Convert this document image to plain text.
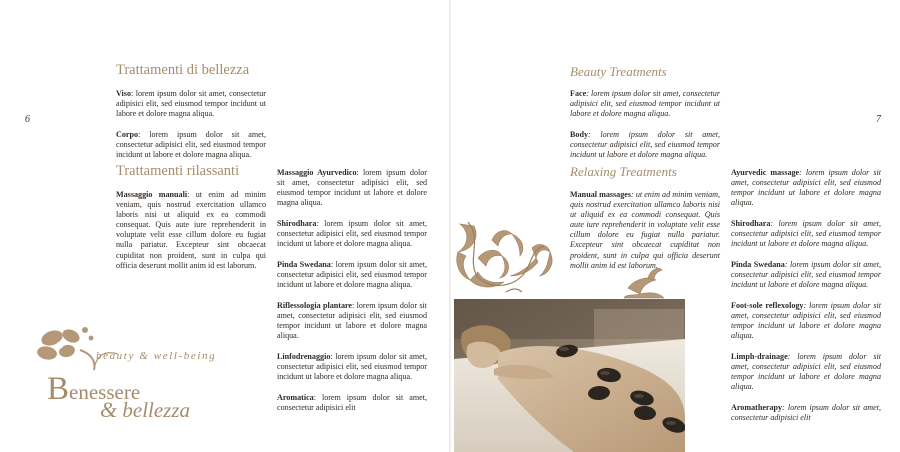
6
Trattamenti di bellezza

Viso: lorem ipsum dolor sit amet, consectetur adipisici elit, sed eiusmod tempor incidunt ut labore et dolore magna aliqua.

Corpo: lorem ipsum dolor sit amet, consectetur adipisici elit, sed eiusmod tempor incidunt ut labore et dolore magna aliqua.

Trattamenti rilassanti

Massaggio manuali: ut enim ad minim veniam, quis nostrud exercitation ullamco laboris nisi ut aliquid ex ea commodi consequat. Quis aute iure reprehenderit in voluptate velit esse cillum dolore eu fugiat nulla pariatur. Excepteur sint obcaecat cupiditat non proident, sunt in culpa qui officia deserunt mollit anim id est laborum.

Massaggio Ayurvedico: lorem ipsum dolor sit amet, consectetur adipisici elit, sed eiusmod tempor incidunt ut labore et dolore magna aliqua.

Shirodhara: lorem ipsum dolor sit amet, consectetur adipisici elit, sed eiusmod tempor incidunt ut labore et dolore magna aliqua.

Pinda Swedana: lorem ipsum dolor sit amet, consectetur adipisici elit, sed eiusmod tempor incidunt ut labore et dolore magna aliqua.

Riflessologia plantare: lorem ipsum dolor sit amet, consectetur adipisici elit, sed eiusmod tempor incidunt ut labore et dolore magna aliqua.

Linfodrenaggio: lorem ipsum dolor sit amet, consectetur adipisici elit, sed eiusmod tempor incidunt ut labore et dolore magna aliqua.

Aromatica: lorem ipsum dolor sit amet, consectetur adipisici elit

beauty & well-being
Benessere
& bellezza
7
Beauty Treatments

Face: lorem ipsum dolor sit amet, consectetur adipisici elit, sed eiusmod tempor incidunt ut labore et dolore magna aliqua.

Body: lorem ipsum dolor sit amet, consectetur adipisici elit, sed eiusmod tempor incidunt ut labore et dolore magna aliqua.

Relaxing Treatments

Manual massages: ut enim ad minim veniam, quis nostrud exercitation ullamco laboris nisi ut aliquid ex ea commodi consequat. Quis aute iure reprehenderit in voluptate velit esse cillum dolore eu fugiat nulla pariatur. Excepteur sint obcaecat cupiditat non proident, sunt in culpa qui officia deserunt mollit anim id est laborum.

Ayurvedic massage: lorem ipsum dolor sit amet, consectetur adipisici elit, sed eiusmod tempor incidunt ut labore et dolore magna aliqua.

Shirodhara: lorem ipsum dolor sit amet, consectetur adipisici elit, sed eiusmod tempor incidunt ut labore et dolore magna aliqua.

Pinda Swedana: lorem ipsum dolor sit amet, consectetur adipisici elit, sed eiusmod tempor incidunt ut labore et dolore magna aliqua.

Foot-sole reflexology: lorem ipsum dolor sit amet, consectetur adipisici elit, sed eiusmod tempor incidunt ut labore et dolore magna aliqua.

Limph-drainage: lorem ipsum dolor sit amet, consectetur adipisici elit, sed eiusmod tempor incidunt ut labore et dolore magna aliqua.

Aromatherapy: lorem ipsum dolor sit amet, consectetur adipisici elit
